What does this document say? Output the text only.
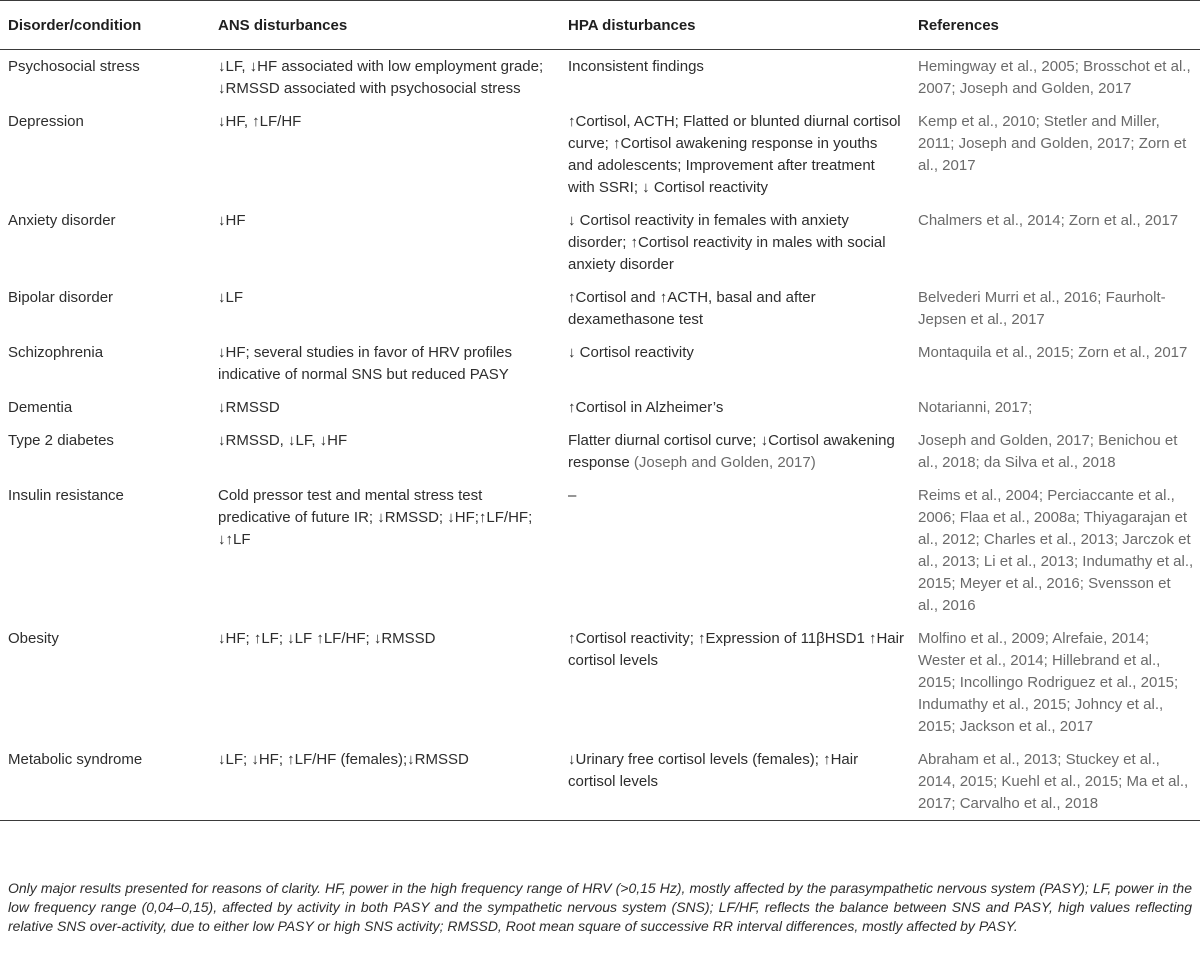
Disorder/condition	ANS disturbances	HPA disturbances	References
Psychosocial stress	↓LF, ↓HF associated with low employment grade; ↓RMSSD associated with psychosocial stress	Inconsistent findings	Hemingway et al., 2005; Brosschot et al., 2007; Joseph and Golden, 2017
Depression	↓HF, ↑LF/HF	↑Cortisol, ACTH; Flatted or blunted diurnal cortisol curve; ↑Cortisol awakening response in youths and adolescents; Improvement after treatment with SSRI; ↓ Cortisol reactivity	Kemp et al., 2010; Stetler and Miller, 2011; Joseph and Golden, 2017; Zorn et al., 2017
Anxiety disorder	↓HF	↓ Cortisol reactivity in females with anxiety disorder; ↑Cortisol reactivity in males with social anxiety disorder	Chalmers et al., 2014; Zorn et al., 2017
Bipolar disorder	↓LF	↑Cortisol and ↑ACTH, basal and after dexamethasone test	Belvederi Murri et al., 2016; Faurholt-Jepsen et al., 2017
Schizophrenia	↓HF; several studies in favor of HRV profiles indicative of normal SNS but reduced PASY	↓ Cortisol reactivity	Montaquila et al., 2015; Zorn et al., 2017
Dementia	↓RMSSD	↑Cortisol in Alzheimer’s	Notarianni, 2017;
Type 2 diabetes	↓RMSSD, ↓LF, ↓HF	Flatter diurnal cortisol curve; ↓Cortisol awakening response (Joseph and Golden, 2017)	Joseph and Golden, 2017; Benichou et al., 2018; da Silva et al., 2018
Insulin resistance	Cold pressor test and mental stress test predicative of future IR; ↓RMSSD; ↓HF;↑LF/HF; ↓↑LF	–	Reims et al., 2004; Perciaccante et al., 2006; Flaa et al., 2008a; Thiyagarajan et al., 2012; Charles et al., 2013; Jarczok et al., 2013; Li et al., 2013; Indumathy et al., 2015; Meyer et al., 2016; Svensson et al., 2016
Obesity	↓HF; ↑LF; ↓LF ↑LF/HF; ↓RMSSD	↑Cortisol reactivity; ↑Expression of 11βHSD1 ↑Hair cortisol levels	Molfino et al., 2009; Alrefaie, 2014; Wester et al., 2014; Hillebrand et al., 2015; Incollingo Rodriguez et al., 2015; Indumathy et al., 2015; Johncy et al., 2015; Jackson et al., 2017
Metabolic syndrome	↓LF; ↓HF; ↑LF/HF (females);↓RMSSD	↓Urinary free cortisol levels (females); ↑Hair cortisol levels	Abraham et al., 2013; Stuckey et al., 2014, 2015; Kuehl et al., 2015; Ma et al., 2017; Carvalho et al., 2018
Only major results presented for reasons of clarity. HF, power in the high frequency range of HRV (>0,15 Hz), mostly affected by the parasympathetic nervous system (PASY); LF, power in the low frequency range (0,04–0,15), affected by activity in both PASY and the sympathetic nervous system (SNS); LF/HF, reflects the balance between SNS and PASY, high values reflecting relative SNS over-activity, due to either low PASY or high SNS activity; RMSSD, Root mean square of successive RR interval differences, mostly affected by PASY.
